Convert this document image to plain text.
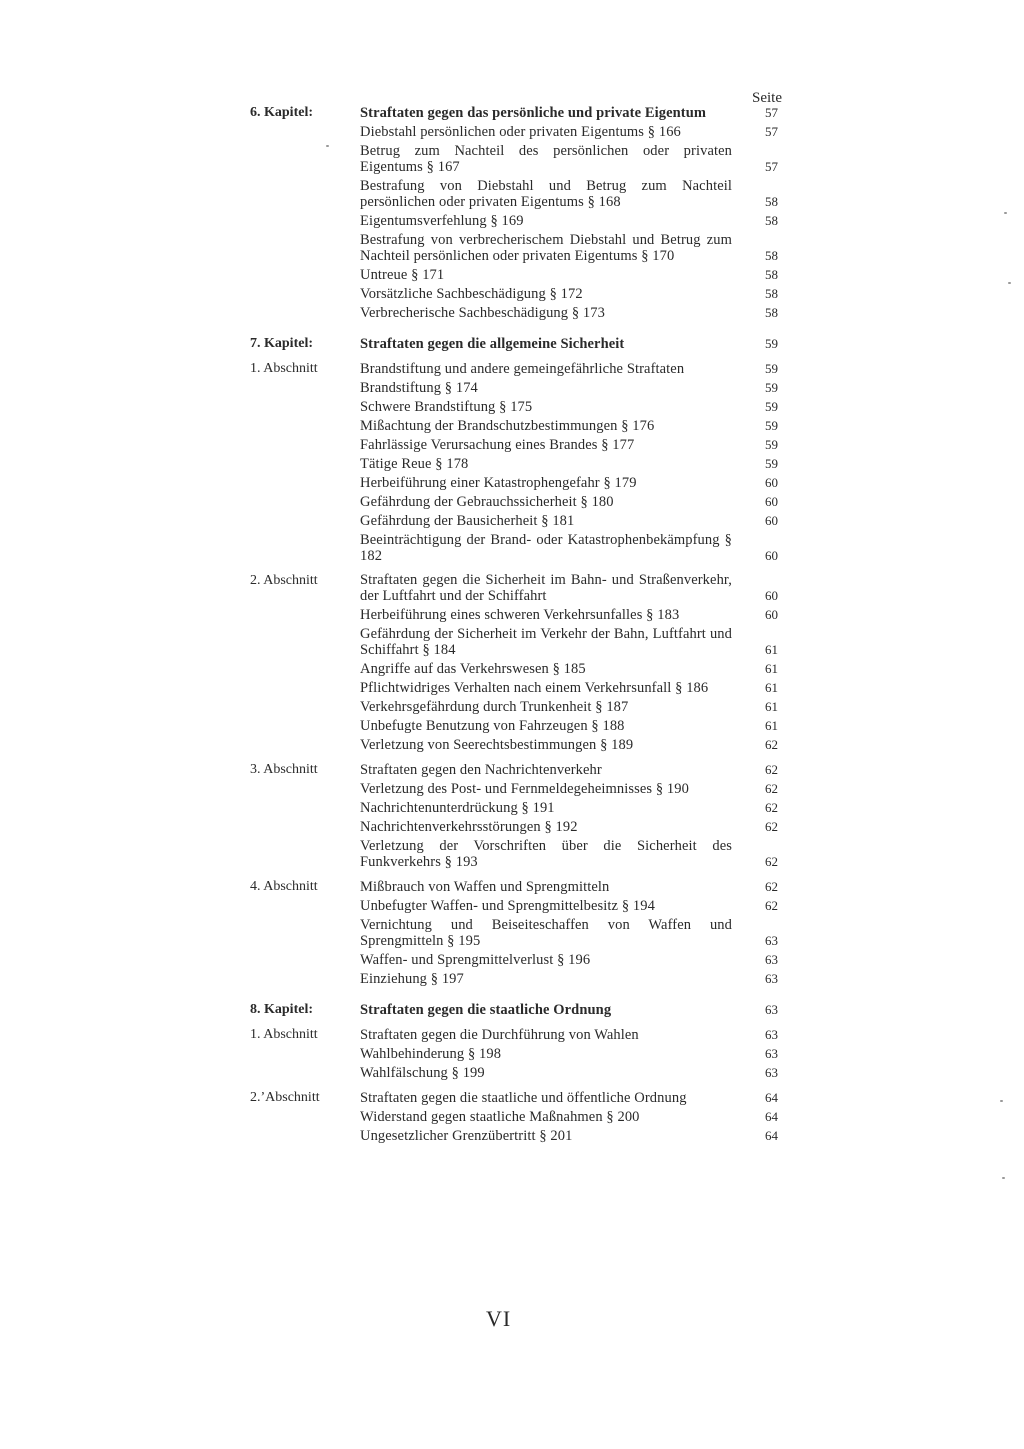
Seite
6. Kapitel:	Straftaten gegen das persönliche und private Eigentum	57
Diebstahl persönlichen oder privaten Eigentums § 166	57
Betrug zum Nachteil des persönlichen oder privaten Eigentums § 167	57
Bestrafung von Diebstahl und Betrug zum Nachteil persönlichen oder privaten Eigentums § 168	58
Eigentumsverfehlung § 169	58
Bestrafung von verbrecherischem Diebstahl und Betrug zum Nachteil persönlichen oder privaten Eigentums § 170	58
Untreue § 171	58
Vorsätzliche Sachbeschädigung § 172	58
Verbrecherische Sachbeschädigung § 173	58
7. Kapitel:	Straftaten gegen die allgemeine Sicherheit	59
1. Abschnitt	Brandstiftung und andere gemeingefährliche Straftaten	59
Brandstiftung § 174	59
Schwere Brandstiftung § 175	59
Mißachtung der Brandschutzbestimmungen § 176	59
Fahrlässige Verursachung eines Brandes § 177	59
Tätige Reue § 178	59
Herbeiführung einer Katastrophengefahr § 179	60
Gefährdung der Gebrauchssicherheit § 180	60
Gefährdung der Bausicherheit § 181	60
Beeinträchtigung der Brand- oder Katastrophenbekämpfung § 182	60
2. Abschnitt	Straftaten gegen die Sicherheit im Bahn- und Straßenverkehr, der Luftfahrt und der Schiffahrt	60
Herbeiführung eines schweren Verkehrsunfalles § 183	60
Gefährdung der Sicherheit im Verkehr der Bahn, Luftfahrt und Schiffahrt § 184	61
Angriffe auf das Verkehrswesen § 185	61
Pflichtwidriges Verhalten nach einem Verkehrsunfall § 186	61
Verkehrsgefährdung durch Trunkenheit § 187	61
Unbefugte Benutzung von Fahrzeugen § 188	61
Verletzung von Seerechtsbestimmungen § 189	62
3. Abschnitt	Straftaten gegen den Nachrichtenverkehr	62
Verletzung des Post- und Fernmeldegeheimnisses § 190	62
Nachrichtenunterdrückung § 191	62
Nachrichtenverkehrsstörungen § 192	62
Verletzung der Vorschriften über die Sicherheit des Funkverkehrs § 193	62
4. Abschnitt	Mißbrauch von Waffen und Sprengmitteln	62
Unbefugter Waffen- und Sprengmittelbesitz § 194	62
Vernichtung und Beiseiteschaffen von Waffen und Sprengmitteln § 195	63
Waffen- und Sprengmittelverlust § 196	63
Einziehung § 197	63
8. Kapitel:	Straftaten gegen die staatliche Ordnung	63
1. Abschnitt	Straftaten gegen die Durchführung von Wahlen	63
Wahlbehinderung § 198	63
Wahlfälschung § 199	63
2.ʼAbschnitt	Straftaten gegen die staatliche und öffentliche Ordnung	64
Widerstand gegen staatliche Maßnahmen § 200	64
Ungesetzlicher Grenzübertritt § 201	64
VI
